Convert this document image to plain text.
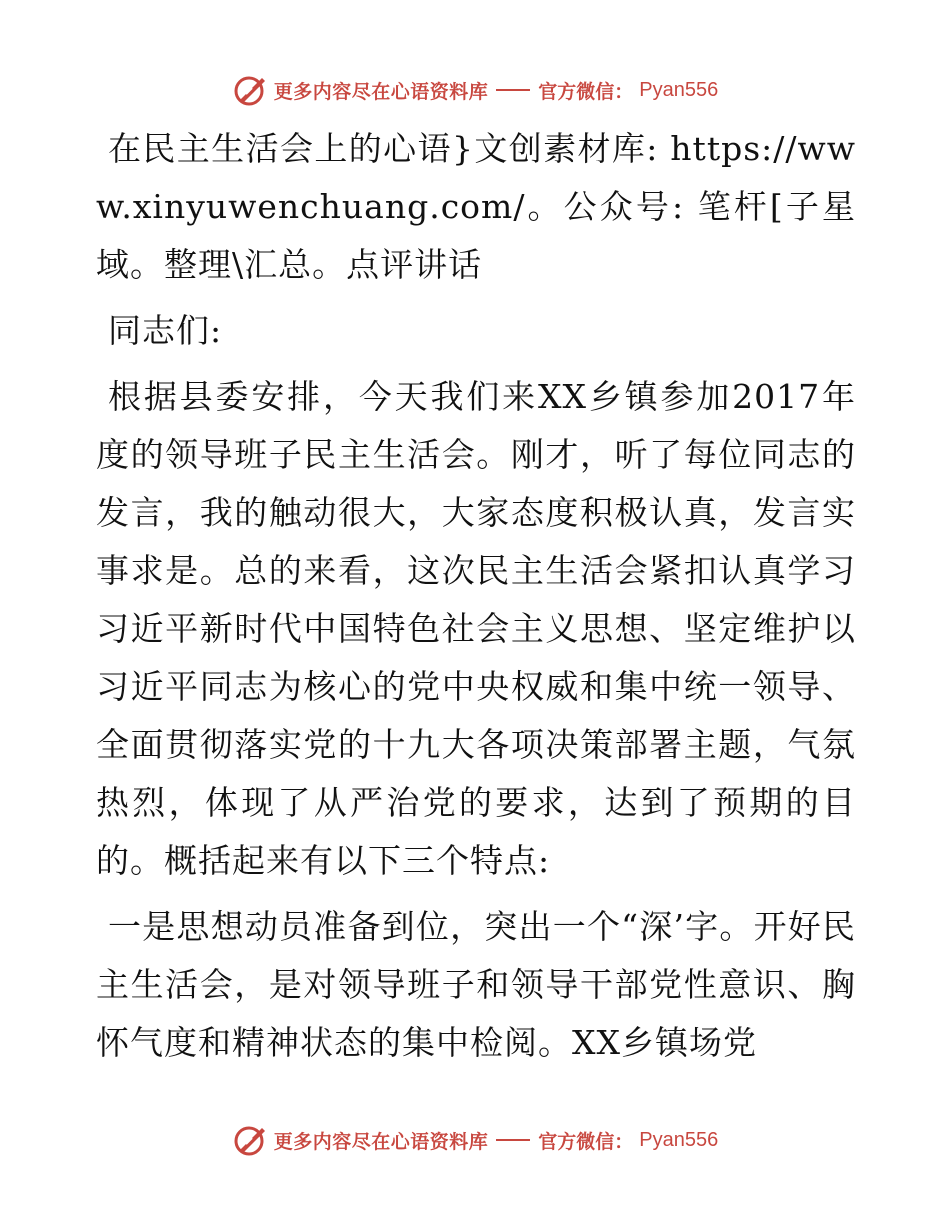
更多内容尽在心语资料库	官方微信： Pyan556

在民主生活会上的心语}文创素材库: https://www.xinyuwenchuang.com/。公众号: 笔杆[子星域。整理\汇总。点评讲话

同志们:

根据县委安排，今天我们来XX乡镇参加2017年度的领导班子民主生活会。刚才，听了每位同志的发言，我的触动很大，大家态度积极认真，发言实事求是。总的来看，这次民主生活会紧扣认真学习习近平新时代中国特色社会主义思想、坚定维护以习近平同志为核心的党中央权威和集中统一领导、全面贯彻落实党的十九大各项决策部署主题，气氛热烈，体现了从严治党的要求，达到了预期的目的。概括起来有以下三个特点:

一是思想动员准备到位，突出一个“深’字。开好民主生活会，是对领导班子和领导干部党性意识、胸怀气度和精神状态的集中检阅。XX乡镇场党

更多内容尽在心语资料库	官方微信： Pyan556
